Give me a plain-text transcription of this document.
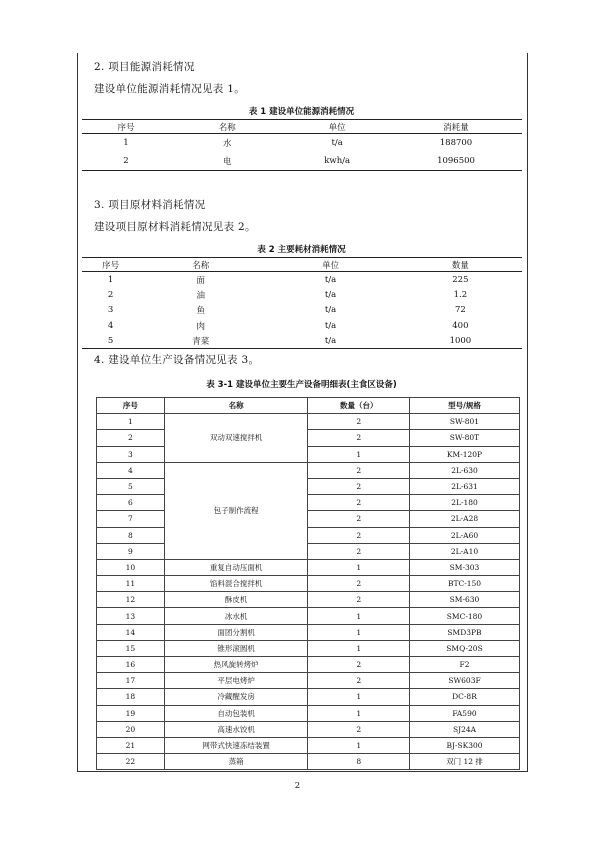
2. 项目能源消耗情况
建设单位能源消耗情况见表 1。
表 1 建设单位能源消耗情况
序号	名称	单位	消耗量
1	水	t/a	188700
2	电	kwh/a	1096500
3. 项目原材料消耗情况
建设项目原材料消耗情况见表 2。
表 2 主要耗材消耗情况
序号	名称	单位	数量
1	面	t/a	225
2	油	t/a	1.2
3	鱼	t/a	72
4	肉	t/a	400
5	青菜	t/a	1000
4. 建设单位生产设备情况见表 3。
表 3-1 建设单位主要生产设备明细表(主食区设备)
序号	名称	数量（台）	型号/规格
1	双动双速搅拌机	2	SW-801
2		2	SW-80T
3		1	KM-120P
4	包子制作流程	2	2L-630
5		2	2L-631
6		2	2L-180
7		2	2L-A28
8		2	2L-A60
9		2	2L-A10
10	重复自动压面机	1	SM-303
11	馅料混合搅拌机	2	BTC-150
12	酥皮机	2	SM-630
13	冰水机	1	SMC-180
14	面团分割机	1	SMD3PB
15	锥形滚圆机	1	SMQ-20S
16	热风旋转烤炉	2	F2
17	平层电烤炉	2	SW603F
18	冷藏醒发房	1	DC-8R
19	自动包装机	1	FA590
20	高速水饺机	2	SJ24A
21	网带式快速冻结装置	1	BJ-SK300
22	蒸箱	8	双门 12 排
2
